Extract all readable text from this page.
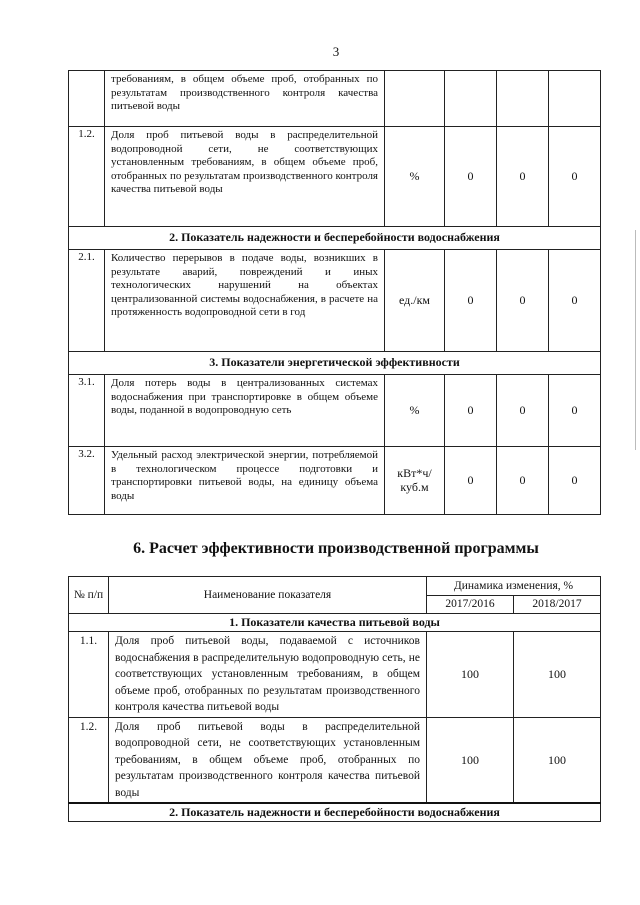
3
	требованиям, в общем объеме проб, отобранных по результатам производственного контроля качества питьевой воды				
1.2.	Доля проб питьевой воды в распределительной водопроводной сети, не соответствующих установленным требованиям, в общем объеме проб, отобранных по результатам производственного контроля качества питьевой воды	%	0	0	0
2. Показатель надежности и бесперебойности водоснабжения					
2.1.	Количество перерывов в подаче воды, возникших в результате аварий, повреждений и иных технологических нарушений на объектах централизованной системы водоснабжения, в расчете на протяженность водопроводной сети в год	ед./км	0	0	0
3. Показатели энергетической эффективности					
3.1.	Доля потерь воды в централизованных системах водоснабжения при транспортировке в общем объеме воды, поданной в водопроводную сеть	%	0	0	0
3.2.	Удельный расход электрической энергии, потребляемой в технологическом процессе подготовки и транспортировки питьевой воды, на единицу объема воды	кВт*ч/ куб.м	0	0	0
6. Расчет эффективности производственной программы
№ п/п	Наименование показателя	Динамика изменения, %	
		2017/2016	2018/2017
1. Показатели качества питьевой воды			
1.1.	Доля проб питьевой воды, подаваемой с источников водоснабжения в распределительную водопроводную сеть, не соответствующих установленным требованиям, в общем объеме проб, отобранных по результатам производственного контроля качества питьевой воды	100	100
1.2.	Доля проб питьевой воды в распределительной водопроводной сети, не соответствующих установленным требованиям, в общем объеме проб, отобранных по результатам производственного контроля качества питьевой воды	100	100
2. Показатель надежности и бесперебойности водоснабжения			
